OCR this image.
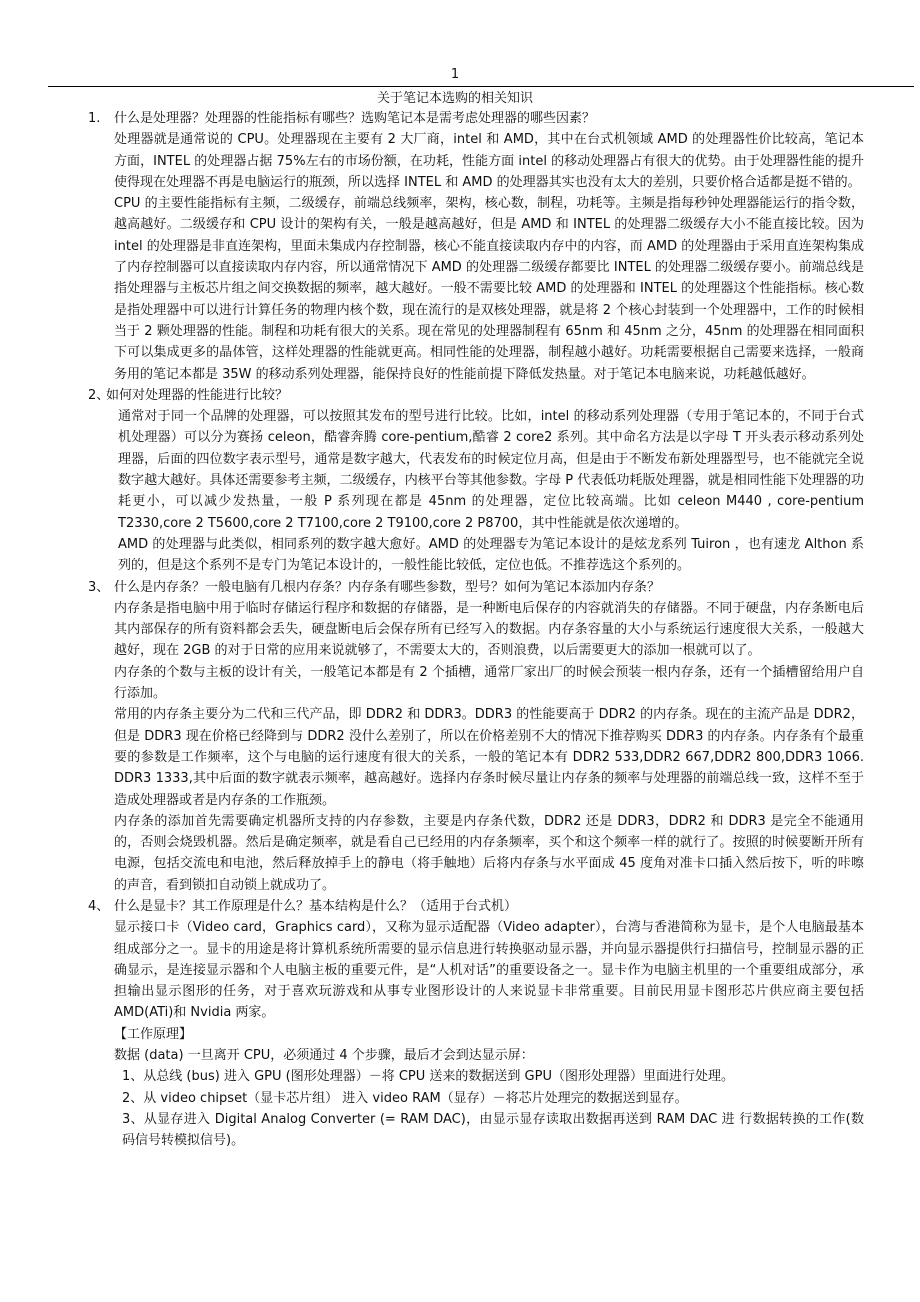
1
关于笔记本选购的相关知识

1. 什么是处理器？处理器的性能指标有哪些？选购笔记本是需考虑处理器的哪些因素？

处理器就是通常说的 CPU。处理器现在主要有 2 大厂商，intel 和 AMD，其中在台式机领域 AMD 的处理器性价比较高，笔记本方面，INTEL 的处理器占据 75%左右的市场份额，在功耗，性能方面 intel 的移动处理器占有很大的优势。由于处理器性能的提升使得现在处理器不再是电脑运行的瓶颈，所以选择 INTEL 和 AMD 的处理器其实也没有太大的差别，只要价格合适都是挺不错的。

CPU 的主要性能指标有主频，二级缓存，前端总线频率，架构，核心数，制程，功耗等。主频是指每秒钟处理器能运行的指令数，越高越好。二级缓存和 CPU 设计的架构有关，一般是越高越好，但是 AMD 和 INTEL 的处理器二级缓存大小不能直接比较。因为 intel 的处理器是非直连架构，里面未集成内存控制器，核心不能直接读取内存中的内容，而 AMD 的处理器由于采用直连架构集成了内存控制器可以直接读取内存内容，所以通常情况下 AMD 的处理器二级缓存都要比 INTEL 的处理器二级缓存要小。前端总线是指处理器与主板芯片组之间交换数据的频率，越大越好。一般不需要比较 AMD 的处理器和 INTEL 的处理器这个性能指标。核心数是指处理器中可以进行计算任务的物理内核个数，现在流行的是双核处理器，就是将 2 个核心封装到一个处理器中，工作的时候相当于 2 颗处理器的性能。制程和功耗有很大的关系。现在常见的处理器制程有 65nm 和 45nm 之分，45nm 的处理器在相同面积下可以集成更多的晶体管，这样处理器的性能就更高。相同性能的处理器，制程越小越好。功耗需要根据自己需要来选择，一般商务用的笔记本都是 35W 的移动系列处理器，能保持良好的性能前提下降低发热量。对于笔记本电脑来说，功耗越低越好。

2、
如何对处理器的性能进行比较？

通常对于同一个品牌的处理器，可以按照其发布的型号进行比较。比如，intel 的移动系列处理器（专用于笔记本的，不同于台式机处理器）可以分为赛扬 celeon，酷睿奔腾 core-pentium,酷睿 2 core2 系列。其中命名方法是以字母 T 开头表示移动系列处理器，后面的四位数字表示型号，通常是数字越大，代表发布的时候定位月高，但是由于不断发布新处理器型号，也不能就完全说数字越大越好。具体还需要参考主频，二级缓存，内核平台等其他参数。字母 P 代表低功耗版处理器，就是相同性能下处理器的功耗更小，可以减少发热量，一般 P 系列现在都是 45nm 的处理器，定位比较高端。比如 celeon M440 , core-pentium T2330,core 2 T5600,core 2 T7100,core 2 T9100,core 2 P8700，其中性能就是依次递增的。

AMD 的处理器与此类似，相同系列的数字越大愈好。AMD 的处理器专为笔记本设计的是炫龙系列 Tuiron ，也有速龙 Althon 系列的，但是这个系列不是专门为笔记本设计的，一般性能比较低，定位也低。不推荐选这个系列的。

3、 什么是内存条？一般电脑有几根内存条？内存条有哪些参数，型号？如何为笔记本添加内存条？

内存条是指电脑中用于临时存储运行程序和数据的存储器，是一种断电后保存的内容就消失的存储器。不同于硬盘，内存条断电后其内部保存的所有资料都会丢失，硬盘断电后会保存所有已经写入的数据。内存条容量的大小与系统运行速度很大关系，一般越大越好，现在 2GB 的对于日常的应用来说就够了，不需要太大的，否则浪费，以后需要更大的添加一根就可以了。

内存条的个数与主板的设计有关，一般笔记本都是有 2 个插槽，通常厂家出厂的时候会预装一根内存条，还有一个插槽留给用户自行添加。

常用的内存条主要分为二代和三代产品，即 DDR2 和 DDR3。DDR3 的性能要高于 DDR2 的内存条。现在的主流产品是 DDR2，但是 DDR3 现在价格已经降到与 DDR2 没什么差别了，所以在价格差别不大的情况下推荐购买 DDR3 的内存条。内存条有个最重要的参数是工作频率，这个与电脑的运行速度有很大的关系，一般的笔记本有 DDR2 533,DDR2 667,DDR2 800,DDR3 1066. DDR3 1333,其中后面的数字就表示频率，越高越好。选择内存条时候尽量让内存条的频率与处理器的前端总线一致，这样不至于造成处理器或者是内存条的工作瓶颈。

内存条的添加首先需要确定机器所支持的内存参数，主要是内存条代数，DDR2 还是 DDR3，DDR2 和 DDR3 是完全不能通用的，否则会烧毁机器。然后是确定频率，就是看自己已经用的内存条频率，买个和这个频率一样的就行了。按照的时候要断开所有电源，包括交流电和电池，然后释放掉手上的静电（将手触地）后将内存条与水平面成 45 度角对准卡口插入然后按下，听的咔嚓的声音，看到锁扣自动锁上就成功了。

4、 什么是显卡？其工作原理是什么？基本结构是什么？（适用于台式机）

显示接口卡（Video card，Graphics card），又称为显示适配器（Video adapter），台湾与香港简称为显卡，是个人电脑最基本组成部分之一。显卡的用途是将计算机系统所需要的显示信息进行转换驱动显示器，并向显示器提供行扫描信号，控制显示器的正确显示，是连接显示器和个人电脑主板的重要元件，是“人机对话”的重要设备之一。显卡作为电脑主机里的一个重要组成部分，承担输出显示图形的任务，对于喜欢玩游戏和从事专业图形设计的人来说显卡非常重要。目前民用显卡图形芯片供应商主要包括 AMD(ATi)和 Nvidia 两家。

【工作原理】

数据 (data) 一旦离开 CPU，必须通过 4 个步骤，最后才会到达显示屏：

1、从总线 (bus) 进入 GPU (图形处理器）－将 CPU 送来的数据送到 GPU（图形处理器）里面进行处理。

2、从 video chipset（显卡芯片组） 进入 video RAM（显存）－将芯片处理完的数据送到显存。

3、从显存进入 Digital Analog Converter (= RAM DAC)，由显示显存读取出数据再送到 RAM DAC 进 行数据转换的工作(数码信号转模拟信号)。
